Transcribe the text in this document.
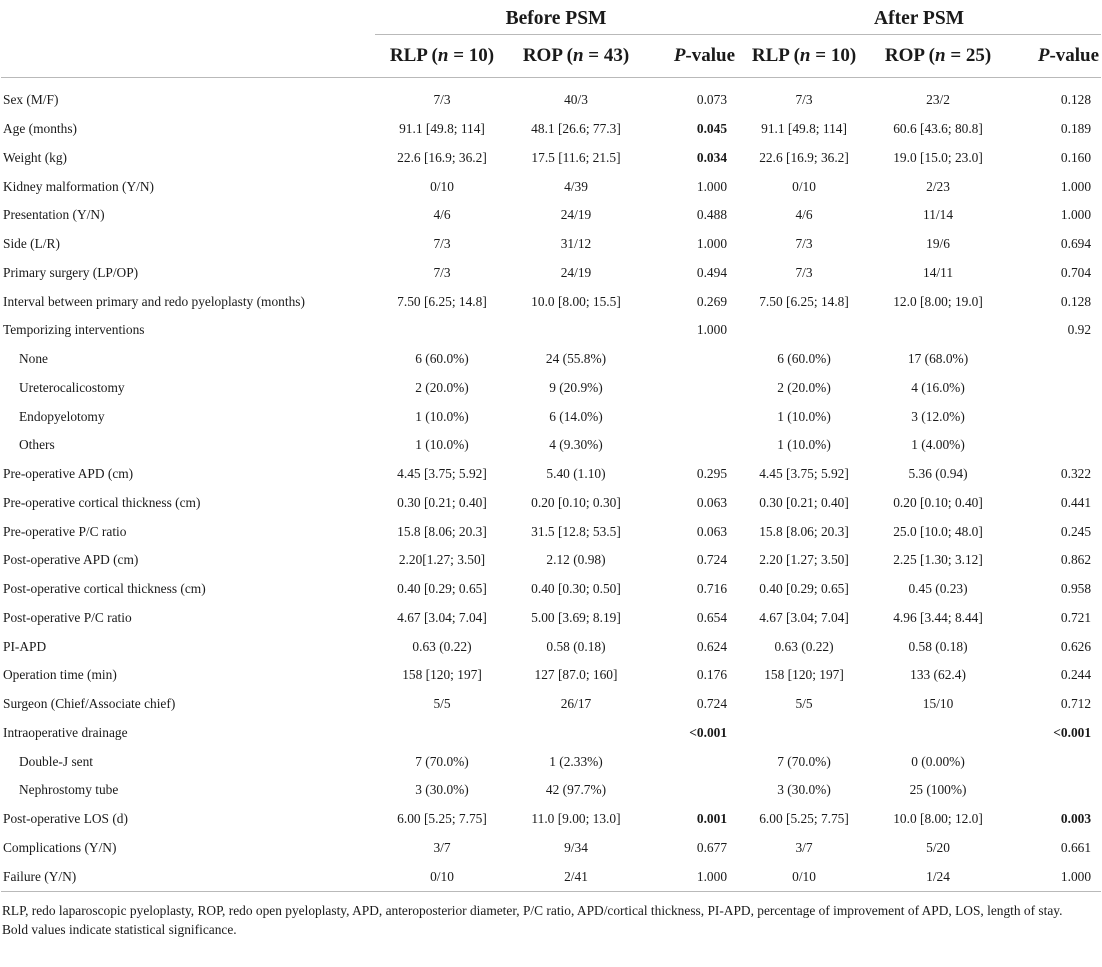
	Before PSM			After PSM		
	RLP (n = 10)	ROP (n = 43)	P-value	RLP (n = 10)	ROP (n = 25)	P-value
Sex (M/F)	7/3	40/3	0.073	7/3	23/2	0.128
Age (months)	91.1 [49.8; 114]	48.1 [26.6; 77.3]	0.045	91.1 [49.8; 114]	60.6 [43.6; 80.8]	0.189
Weight (kg)	22.6 [16.9; 36.2]	17.5 [11.6; 21.5]	0.034	22.6 [16.9; 36.2]	19.0 [15.0; 23.0]	0.160
Kidney malformation (Y/N)	0/10	4/39	1.000	0/10	2/23	1.000
Presentation (Y/N)	4/6	24/19	0.488	4/6	11/14	1.000
Side (L/R)	7/3	31/12	1.000	7/3	19/6	0.694
Primary surgery (LP/OP)	7/3	24/19	0.494	7/3	14/11	0.704
Interval between primary and redo pyeloplasty (months)	7.50 [6.25; 14.8]	10.0 [8.00; 15.5]	0.269	7.50 [6.25; 14.8]	12.0 [8.00; 19.0]	0.128
Temporizing interventions			1.000			0.92
None	6 (60.0%)	24 (55.8%)		6 (60.0%)	17 (68.0%)	
Ureterocalicostomy	2 (20.0%)	9 (20.9%)		2 (20.0%)	4 (16.0%)	
Endopyelotomy	1 (10.0%)	6 (14.0%)		1 (10.0%)	3 (12.0%)	
Others	1 (10.0%)	4 (9.30%)		1 (10.0%)	1 (4.00%)	
Pre-operative APD (cm)	4.45 [3.75; 5.92]	5.40 (1.10)	0.295	4.45 [3.75; 5.92]	5.36 (0.94)	0.322
Pre-operative cortical thickness (cm)	0.30 [0.21; 0.40]	0.20 [0.10; 0.30]	0.063	0.30 [0.21; 0.40]	0.20 [0.10; 0.40]	0.441
Pre-operative P/C ratio	15.8 [8.06; 20.3]	31.5 [12.8; 53.5]	0.063	15.8 [8.06; 20.3]	25.0 [10.0; 48.0]	0.245
Post-operative APD (cm)	2.20[1.27; 3.50]	2.12 (0.98)	0.724	2.20 [1.27; 3.50]	2.25 [1.30; 3.12]	0.862
Post-operative cortical thickness (cm)	0.40 [0.29; 0.65]	0.40 [0.30; 0.50]	0.716	0.40 [0.29; 0.65]	0.45 (0.23)	0.958
Post-operative P/C ratio	4.67 [3.04; 7.04]	5.00 [3.69; 8.19]	0.654	4.67 [3.04; 7.04]	4.96 [3.44; 8.44]	0.721
PI-APD	0.63 (0.22)	0.58 (0.18)	0.624	0.63 (0.22)	0.58 (0.18)	0.626
Operation time (min)	158 [120; 197]	127 [87.0; 160]	0.176	158 [120; 197]	133 (62.4)	0.244
Surgeon (Chief/Associate chief)	5/5	26/17	0.724	5/5	15/10	0.712
Intraoperative drainage			<0.001			<0.001
Double-J sent	7 (70.0%)	1 (2.33%)		7 (70.0%)	0 (0.00%)	
Nephrostomy tube	3 (30.0%)	42 (97.7%)		3 (30.0%)	25 (100%)	
Post-operative LOS (d)	6.00 [5.25; 7.75]	11.0 [9.00; 13.0]	0.001	6.00 [5.25; 7.75]	10.0 [8.00; 12.0]	0.003
Complications (Y/N)	3/7	9/34	0.677	3/7	5/20	0.661
Failure (Y/N)	0/10	2/41	1.000	0/10	1/24	1.000

RLP, redo laparoscopic pyeloplasty, ROP, redo open pyeloplasty, APD, anteroposterior diameter, P/C ratio, APD/cortical thickness, PI-APD, percentage of improvement of APD, LOS, length of stay.

Bold values indicate statistical significance.
